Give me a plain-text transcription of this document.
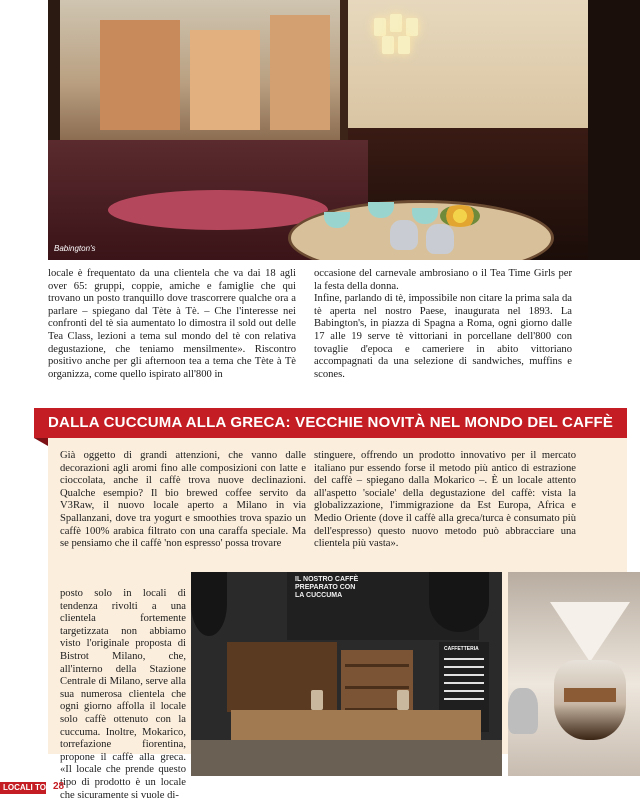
Babington's
locale è frequentato da una clientela che va dai 18 agli over 65: gruppi, coppie, amiche e famiglie che qui trovano un posto tranquillo dove trascorrere qualche ora a parlare – spiegano dal Tète à Tè. – Che l'interesse nei confronti del tè sia aumentato lo dimostra il sold out delle Tea Class, lezioni a tema sul mondo del tè con relativa degustazione, che teniamo mensilmente». Riscontro positivo anche per gli afternoon tea a tema che Tète à Tè organizza, come quello ispirato all'800 in

occasione del carnevale ambrosiano o il Tea Time Girls per la festa della donna.

Infine, parlando di tè, impossibile non citare la prima sala da tè aperta nel nostro Paese, inaugurata nel 1893. La Babington's, in piazza di Spagna a Roma, ogni giorno dalle 17 alle 19 serve tè vittoriani in porcellane dell'800 con tovaglie d'epoca e cameriere in abito vittoriano accompagnati da una selezione di sandwiches, muffins e scones.

DALLA CUCCUMA ALLA GRECA: VECCHIE NOVITÀ NEL MONDO DEL CAFFÈ
Già oggetto di grandi attenzioni, che vanno dalle decorazioni agli aromi fino alle composizioni con latte e cioccolata, anche il caffè trova nuove declinazioni. Qualche esempio? Il bio brewed coffee servito da V3Raw, il nuovo locale aperto a Milano in via Spallanzani, dove tra yogurt e smoothies trova spazio un caffè 100% arabica filtrato con una caraffa speciale. Ma se pensiamo che il caffè 'non espresso' possa trovare
posto solo in locali di tendenza rivolti a una clientela fortemente targetizzata non abbiamo visto l'originale proposta di Bistrot Milano, che, all'interno della Stazione Centrale di Milano, serve alla sua numerosa clientela che ogni giorno affolla il locale solo caffè ottenuto con la cuccuma. Inoltre, Mokarico, torrefazione fiorentina, propone il caffè alla greca. «Il locale che prende questo tipo di prodotto è un locale che sicuramente si vuole di-
stinguere, offrendo un prodotto innovativo per il mercato italiano pur essendo forse il metodo più antico di estrazione del caffè – spiegano dalla Mokarico –. È un locale attento all'aspetto 'sociale' della degustazione del caffè: vista la globalizzazione, l'immigrazione da Est Europa, Africa e Medio Oriente (dove il caffè alla greca/turca è consumato più dell'espresso) questo nuovo metodo può abbracciare una clientela più vasta».
IL NOSTRO CAFFÈ PREPARATO CON LA CUCCUMA
CAFFETTERIA
LOCALI TOP 28
